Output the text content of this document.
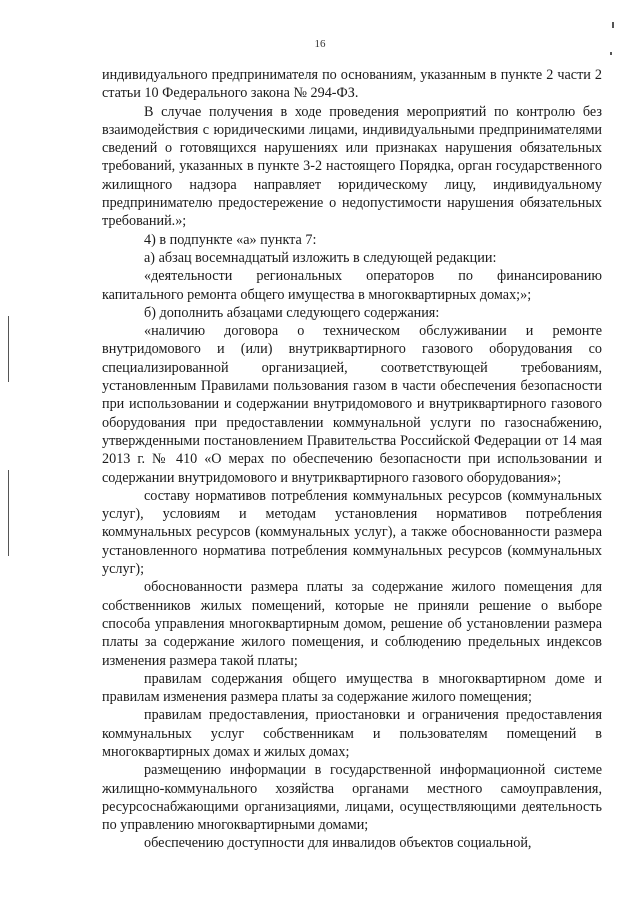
16

индивидуального предпринимателя по основаниям, указанным в пункте 2 части 2 статьи 10 Федерального закона № 294-ФЗ.

В случае получения в ходе проведения мероприятий по контролю без взаимодействия с юридическими лицами, индивидуальными предпринимателями сведений о готовящихся нарушениях или признаках нарушения обязательных требований, указанных в пункте 3-2 настоящего Порядка, орган государственного жилищного надзора направляет юридическому лицу, индивидуальному предпринимателю предостережение о недопустимости нарушения обязательных требований.»;

4) в подпункте «а» пункта 7:

а) абзац восемнадцатый изложить в следующей редакции:

«деятельности региональных операторов по финансированию капитального ремонта общего имущества в многоквартирных домах;»;

б) дополнить абзацами следующего содержания:

«наличию договора о техническом обслуживании и ремонте внутридомового и (или) внутриквартирного газового оборудования со специализированной организацией, соответствующей требованиям, установленным Правилами пользования газом в части обеспечения безопасности при использовании и содержании внутридомового и внутриквартирного газового оборудования при предоставлении коммунальной услуги по газоснабжению, утвержденными постановлением Правительства Российской Федерации от 14 мая 2013 г. № 410 «О мерах по обеспечению безопасности при использовании и содержании внутридомового и внутриквартирного газового оборудования»;

составу нормативов потребления коммунальных ресурсов (коммунальных услуг), условиям и методам установления нормативов потребления коммунальных ресурсов (коммунальных услуг), а также обоснованности размера установленного норматива потребления коммунальных ресурсов (коммунальных услуг);

обоснованности размера платы за содержание жилого помещения для собственников жилых помещений, которые не приняли решение о выборе способа управления многоквартирным домом, решение об установлении размера платы за содержание жилого помещения, и соблюдению предельных индексов изменения размера такой платы;

правилам содержания общего имущества в многоквартирном доме и правилам изменения размера платы за содержание жилого помещения;

правилам предоставления, приостановки и ограничения предоставления коммунальных услуг собственникам и пользователям помещений в многоквартирных домах и жилых домах;

размещению информации в государственной информационной системе жилищно-коммунального хозяйства органами местного самоуправления, ресурсоснабжающими организациями, лицами, осуществляющими деятельность по управлению многоквартирными домами;

обеспечению доступности для инвалидов объектов социальной,
